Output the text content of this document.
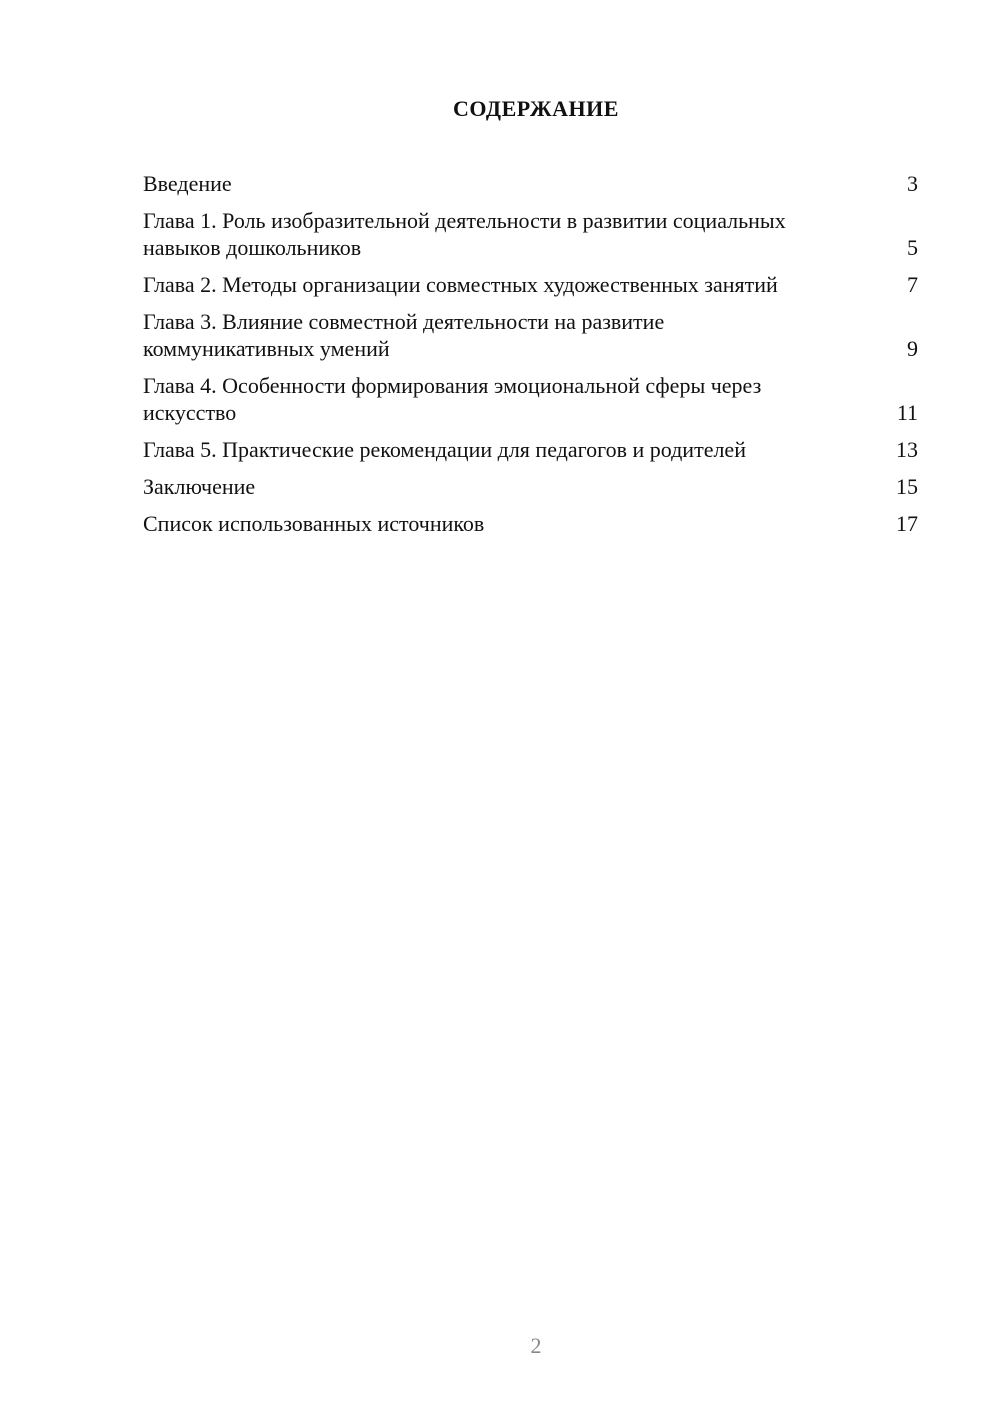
СОДЕРЖАНИЕ
Введение	3
Глава 1. Роль изобразительной деятельности в развитии социальных навыков дошкольников	5
Глава 2. Методы организации совместных художественных занятий	7
Глава 3. Влияние совместной деятельности на развитие коммуникативных умений	9
Глава 4. Особенности формирования эмоциональной сферы через искусство	11
Глава 5. Практические рекомендации для педагогов и родителей	13
Заключение	15
Список использованных источников	17
2
